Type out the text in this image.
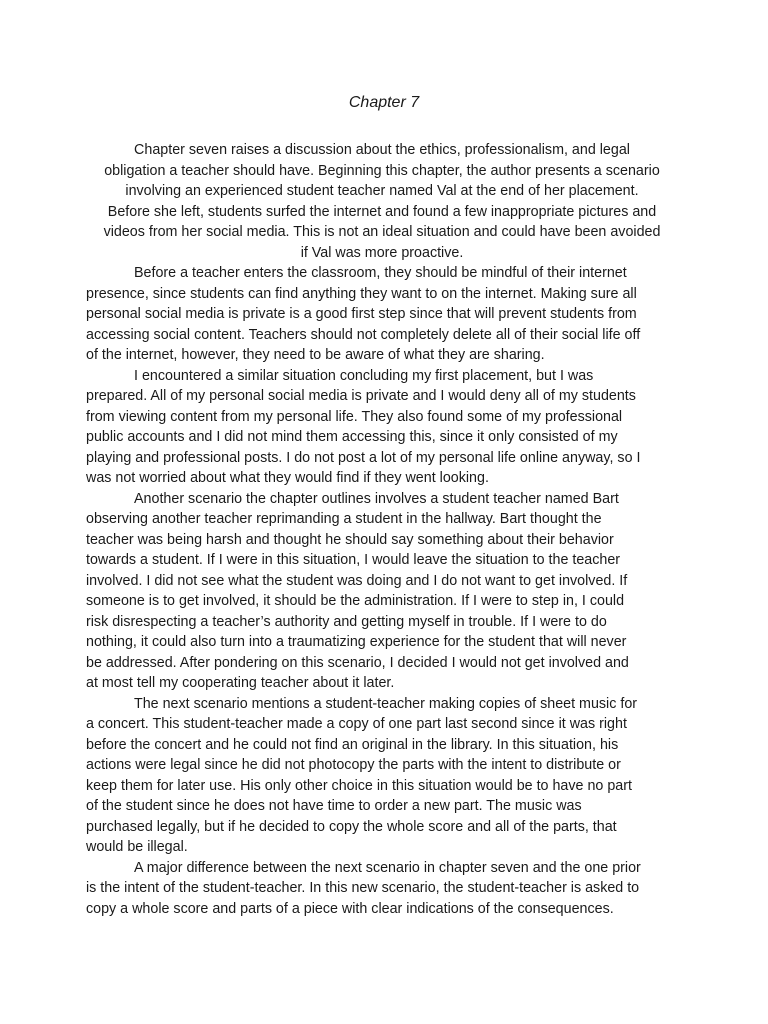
Chapter 7
Chapter seven raises a discussion about the ethics, professionalism, and legal
obligation a teacher should have. Beginning this chapter, the author presents a scenario
involving an experienced student teacher named Val at the end of her placement.
Before she left, students surfed the internet and found a few inappropriate pictures and
videos from her social media. This is not an ideal situation and could have been avoided
if Val was more proactive.
Before a teacher enters the classroom, they should be mindful of their internet
presence, since students can find anything they want to on the internet. Making sure all
personal social media is private is a good first step since that will prevent students from
accessing social content. Teachers should not completely delete all of their social life off
of the internet, however, they need to be aware of what they are sharing.
I encountered a similar situation concluding my first placement, but I was
prepared. All of my personal social media is private and I would deny all of my students
from viewing content from my personal life. They also found some of my professional
public accounts and I did not mind them accessing this, since it only consisted of my
playing and professional posts. I do not post a lot of my personal life online anyway, so I
was not worried about what they would find if they went looking.
Another scenario the chapter outlines involves a student teacher named Bart
observing another teacher reprimanding a student in the hallway. Bart thought the
teacher was being harsh and thought he should say something about their behavior
towards a student. If I were in this situation, I would leave the situation to the teacher
involved. I did not see what the student was doing and I do not want to get involved. If
someone is to get involved, it should be the administration. If I were to step in, I could
risk disrespecting a teacher’s authority and getting myself in trouble. If I were to do
nothing, it could also turn into a traumatizing experience for the student that will never
be addressed. After pondering on this scenario, I decided I would not get involved and
at most tell my cooperating teacher about it later.
The next scenario mentions a student-teacher making copies of sheet music for
a concert. This student-teacher made a copy of one part last second since it was right
before the concert and he could not find an original in the library. In this situation, his
actions were legal since he did not photocopy the parts with the intent to distribute or
keep them for later use. His only other choice in this situation would be to have no part
of the student since he does not have time to order a new part. The music was
purchased legally, but if he decided to copy the whole score and all of the parts, that
would be illegal.
A major difference between the next scenario in chapter seven and the one prior
is the intent of the student-teacher. In this new scenario, the student-teacher is asked to
copy a whole score and parts of a piece with clear indications of the consequences.
